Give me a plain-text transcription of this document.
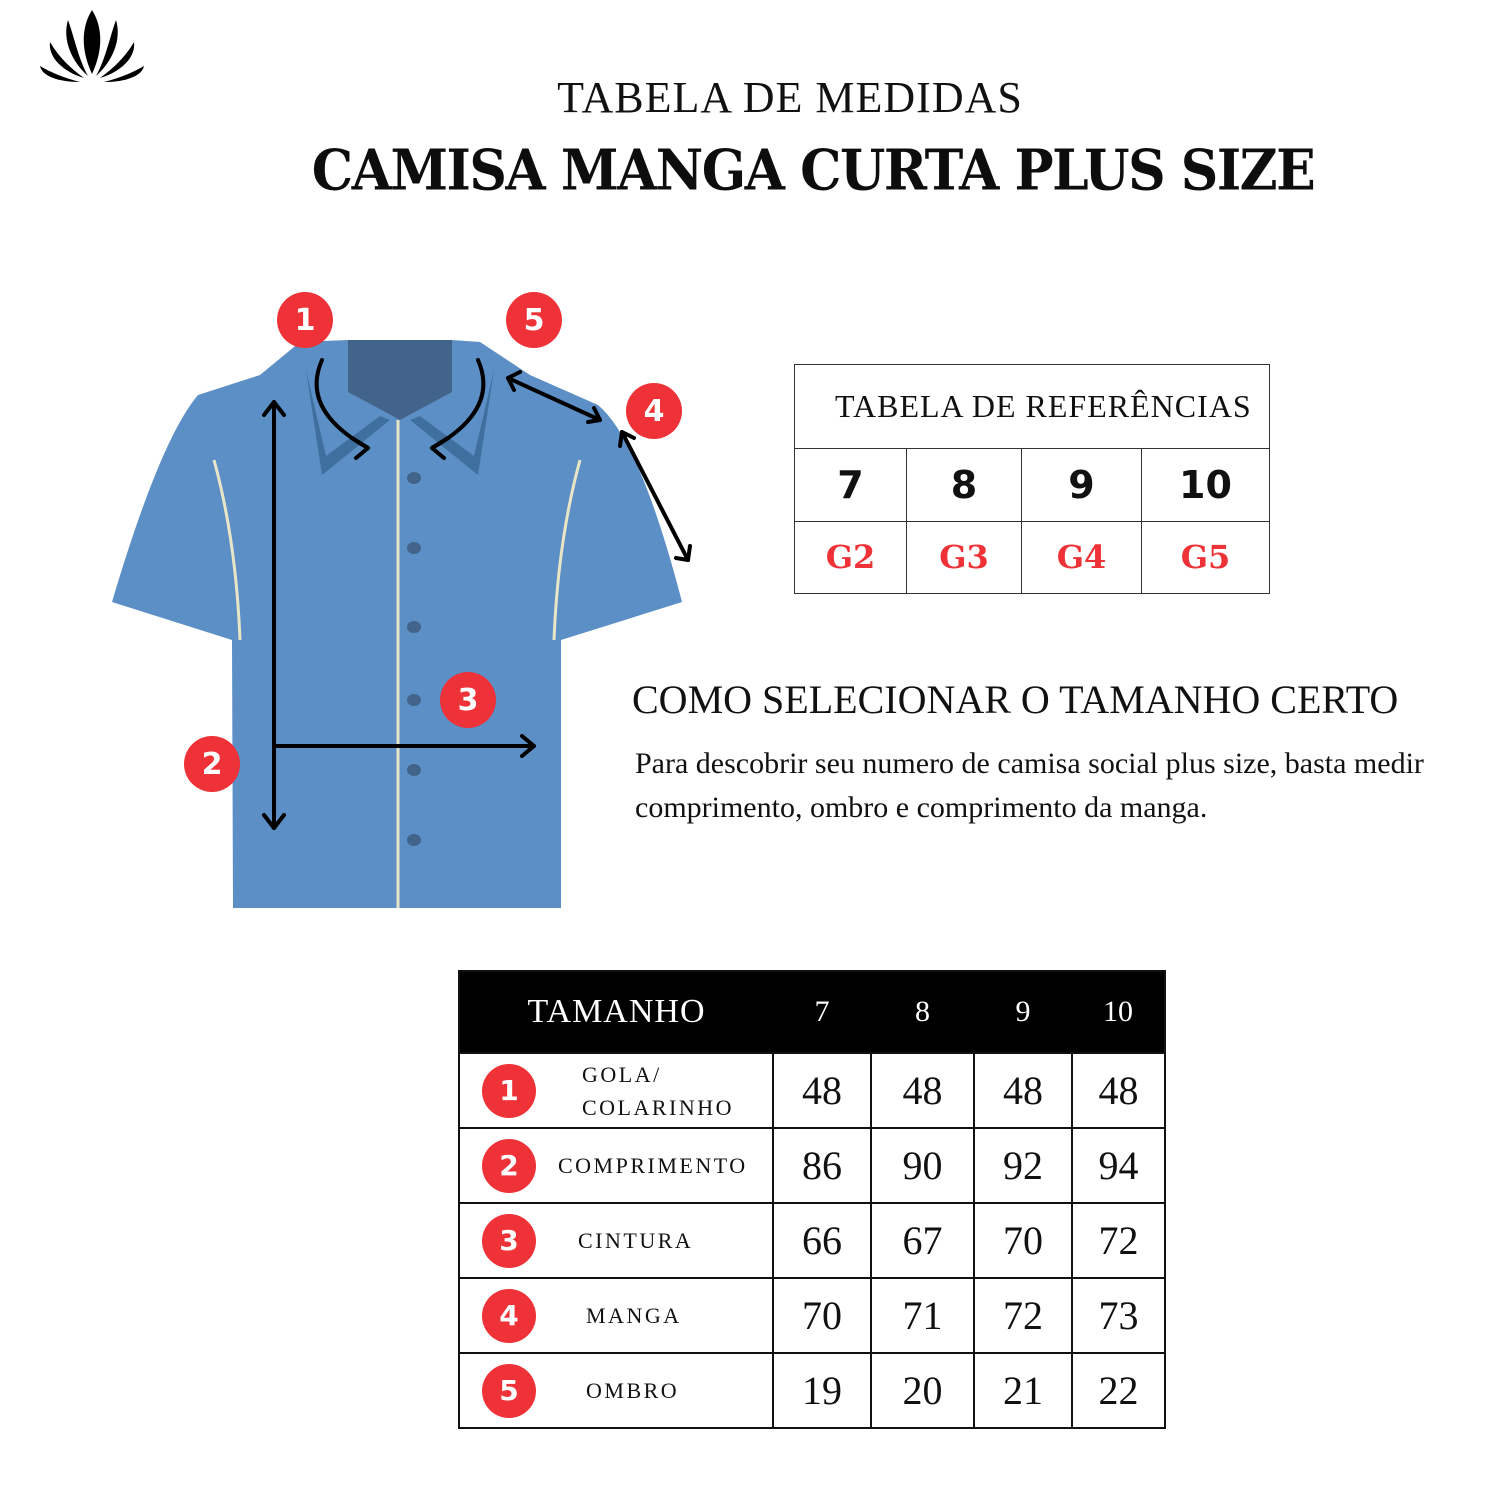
TABELA DE MEDIDAS
CAMISA MANGA CURTA PLUS SIZE
1	5
4
3
2
TABELA DE REFERÊNCIAS			
7	8	9	10
G2	G3	G4	G5
COMO SELECIONAR O TAMANHO CERTO
Para descobrir seu numero de camisa social plus size, basta medir comprimento, ombro e comprimento da manga.
TAMANHO	7	8	9	10
1 GOLA/
COLARINHO	48	48	48	48
2 COMPRIMENTO	86	90	92	94
3 CINTURA	66	67	70	72
4 MANGA	70	71	72	73
5 OMBRO	19	20	21	22
